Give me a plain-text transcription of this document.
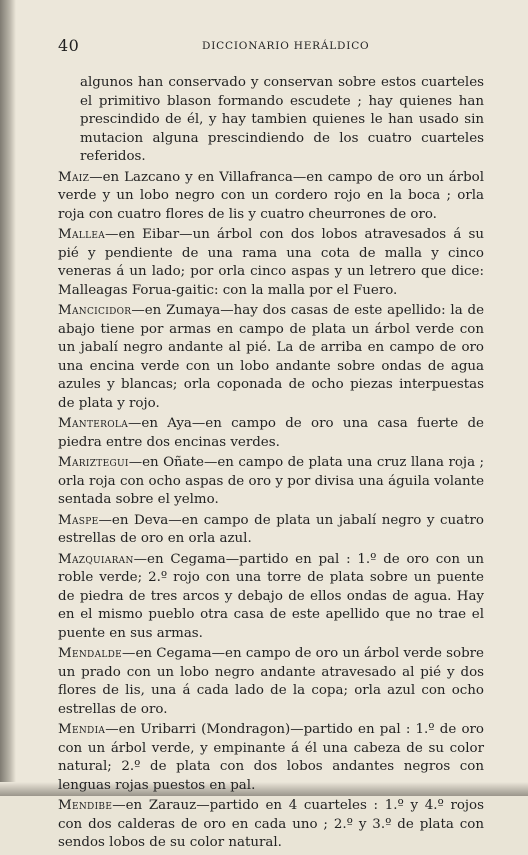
40	DICCIONARIO HERÁLDICO

algunos han conservado y conservan sobre estos cuarteles el primitivo blason formando escudete ; hay quienes han prescindido de él, y hay tambien quienes le han usado sin mutacion alguna prescindiendo de los cuatro cuarteles referidos.

Maiz—en Lazcano y en Villafranca—en campo de oro un árbol verde y un lobo negro con un cordero rojo en la boca ; orla roja con cuatro flores de lis y cuatro cheurrones de oro.

Mallea—en Eibar—un árbol con dos lobos atravesados á su pié y pendiente de una rama una cota de malla y cinco veneras á un lado; por orla cinco aspas y un letrero que dice: Malleagas Forua-gaitic: con la malla por el Fuero.

Mancicidor—en Zumaya—hay dos casas de este apellido: la de abajo tiene por armas en campo de plata un árbol verde con un jabalí negro andante al pié. La de arriba en campo de oro una encina verde con un lobo andante sobre ondas de agua azules y blancas; orla coponada de ocho piezas interpuestas de plata y rojo.

Manterola—en Aya—en campo de oro una casa fuerte de piedra entre dos encinas verdes.

Mariztegui—en Oñate—en campo de plata una cruz llana roja ; orla roja con ocho aspas de oro y por divisa una águila volante sentada sobre el yelmo.

Maspe—en Deva—en campo de plata un jabalí negro y cuatro estrellas de oro en orla azul.

Mazquiaran—en Cegama—partido en pal : 1.º de oro con un roble verde; 2.º rojo con una torre de plata sobre un puente de piedra de tres arcos y debajo de ellos ondas de agua. Hay en el mismo pueblo otra casa de este apellido que no trae el puente en sus armas.

Mendalde—en Cegama—en campo de oro un árbol verde sobre un prado con un lobo negro andante atravesado al pié y dos flores de lis, una á cada lado de la copa; orla azul con ocho estrellas de oro.

Mendia—en Uribarri (Mondragon)—partido en pal : 1.º de oro con un árbol verde, y empinante á él una cabeza de su color natural; 2.º de plata con dos lobos andantes negros con lenguas rojas puestos en pal.

Mendibe—en Zarauz—partido en 4 cuarteles : 1.º y 4.º rojos con dos calderas de oro en cada uno ; 2.º y 3.º de plata con sendos lobos de su color natural.
